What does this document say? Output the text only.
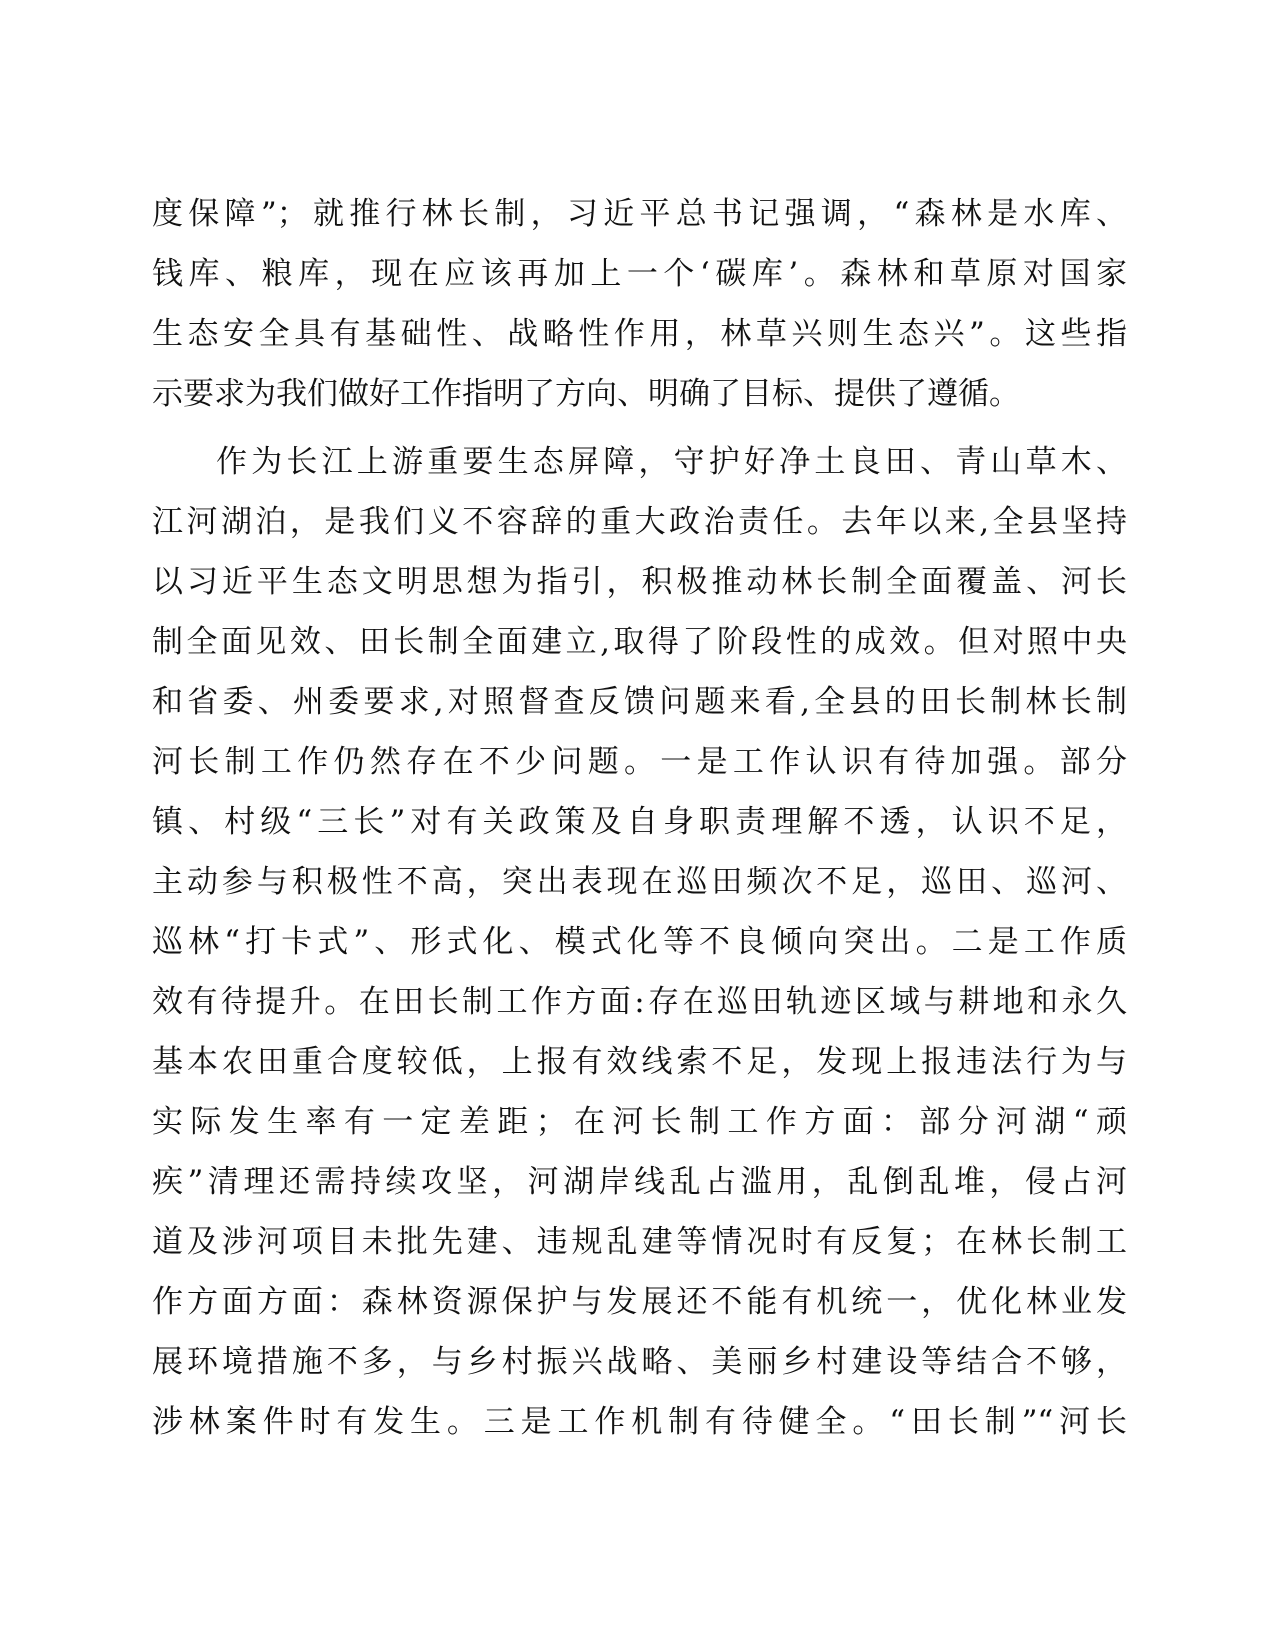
度保障”；就推行林长制，习近平总书记强调，“森林是水库、
钱库、粮库，现在应该再加上一个‘碳库’。森林和草原对国家
生态安全具有基础性、战略性作用，林草兴则生态兴”。这些指
示要求为我们做好工作指明了方向、明确了目标、提供了遵循。
作为长江上游重要生态屏障，守护好净土良田、青山草木、
江河湖泊，是我们义不容辞的重大政治责任。去年以来,全县坚持
以习近平生态文明思想为指引，积极推动林长制全面覆盖、河长
制全面见效、田长制全面建立,取得了阶段性的成效。但对照中央
和省委、州委要求,对照督查反馈问题来看,全县的田长制林长制
河长制工作仍然存在不少问题。一是工作认识有待加强。部分
镇、村级“三长”对有关政策及自身职责理解不透，认识不足，
主动参与积极性不高，突出表现在巡田频次不足，巡田、巡河、
巡林“打卡式”、形式化、模式化等不良倾向突出。二是工作质
效有待提升。在田长制工作方面:存在巡田轨迹区域与耕地和永久
基本农田重合度较低，上报有效线索不足，发现上报违法行为与
实际发生率有一定差距；在河长制工作方面：部分河湖“顽
疾”清理还需持续攻坚，河湖岸线乱占滥用，乱倒乱堆，侵占河
道及涉河项目未批先建、违规乱建等情况时有反复；在林长制工
作方面方面：森林资源保护与发展还不能有机统一，优化林业发
展环境措施不多，与乡村振兴战略、美丽乡村建设等结合不够，
涉林案件时有发生。三是工作机制有待健全。“田长制”“河长
